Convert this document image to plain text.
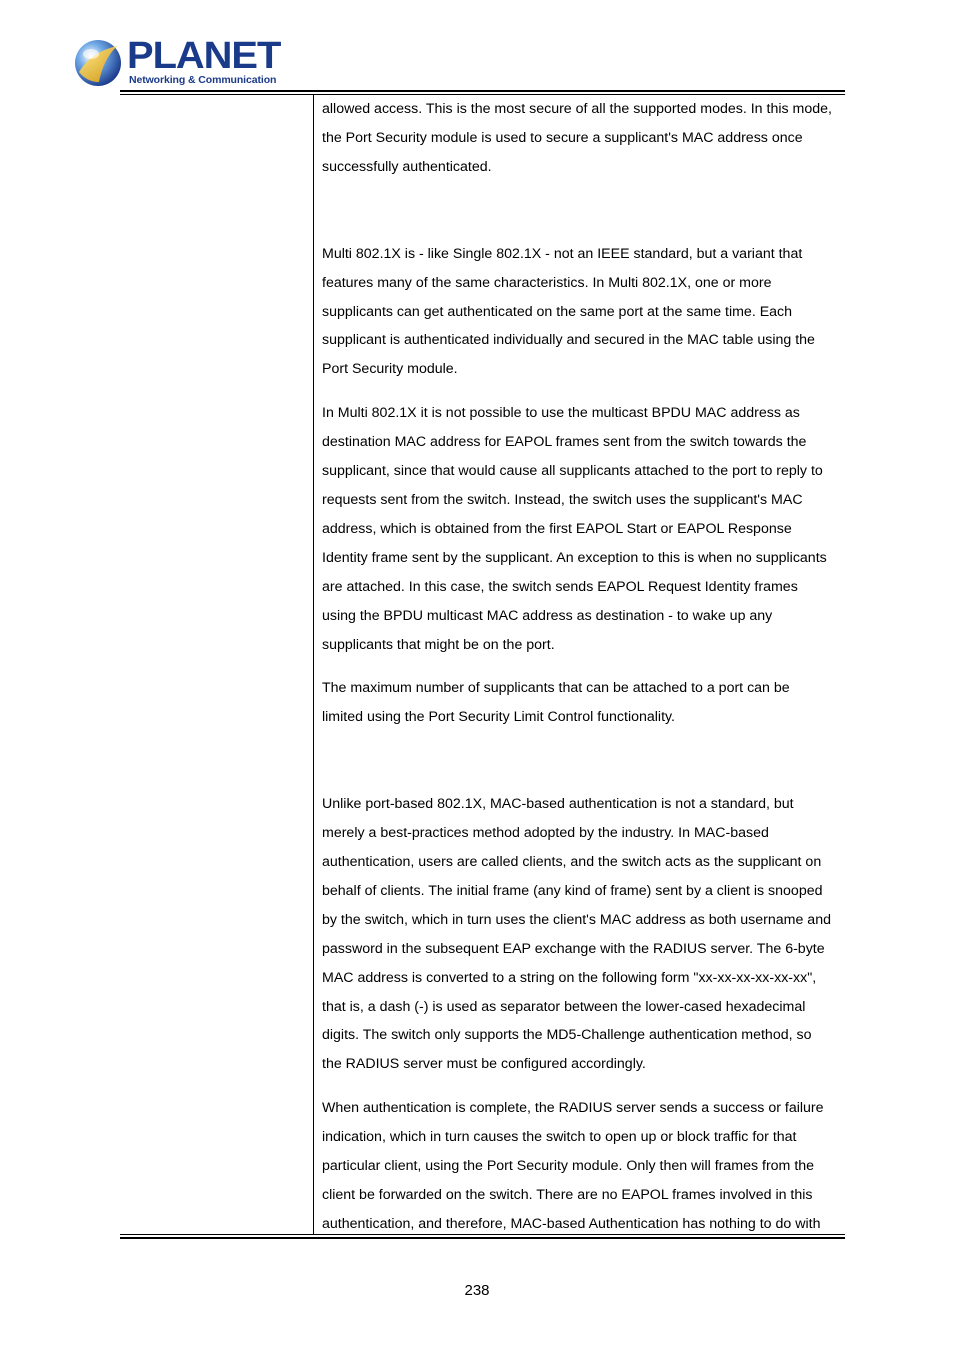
PLANET
Networking & Communication

allowed access. This is the most secure of all the supported modes. In this mode,
the Port Security module is used to secure a supplicant's MAC address once
successfully authenticated.

Multi 802.1X is - like Single 802.1X - not an IEEE standard, but a variant that
features many of the same characteristics. In Multi 802.1X, one or more
supplicants can get authenticated on the same port at the same time. Each
supplicant is authenticated individually and secured in the MAC table using the
Port Security module.

In Multi 802.1X it is not possible to use the multicast BPDU MAC address as
destination MAC address for EAPOL frames sent from the switch towards the
supplicant, since that would cause all supplicants attached to the port to reply to
requests sent from the switch. Instead, the switch uses the supplicant's MAC
address, which is obtained from the first EAPOL Start or EAPOL Response
Identity frame sent by the supplicant. An exception to this is when no supplicants
are attached. In this case, the switch sends EAPOL Request Identity frames
using the BPDU multicast MAC address as destination - to wake up any
supplicants that might be on the port.

The maximum number of supplicants that can be attached to a port can be
limited using the Port Security Limit Control functionality.

Unlike port-based 802.1X, MAC-based authentication is not a standard, but
merely a best-practices method adopted by the industry. In MAC-based
authentication, users are called clients, and the switch acts as the supplicant on
behalf of clients. The initial frame (any kind of frame) sent by a client is snooped
by the switch, which in turn uses the client's MAC address as both username and
password in the subsequent EAP exchange with the RADIUS server. The 6-byte
MAC address is converted to a string on the following form "xx-xx-xx-xx-xx-xx",
that is, a dash (-) is used as separator between the lower-cased hexadecimal
digits. The switch only supports the MD5-Challenge authentication method, so
the RADIUS server must be configured accordingly.

When authentication is complete, the RADIUS server sends a success or failure
indication, which in turn causes the switch to open up or block traffic for that
particular client, using the Port Security module. Only then will frames from the
client be forwarded on the switch. There are no EAPOL frames involved in this
authentication, and therefore, MAC-based Authentication has nothing to do with

238
